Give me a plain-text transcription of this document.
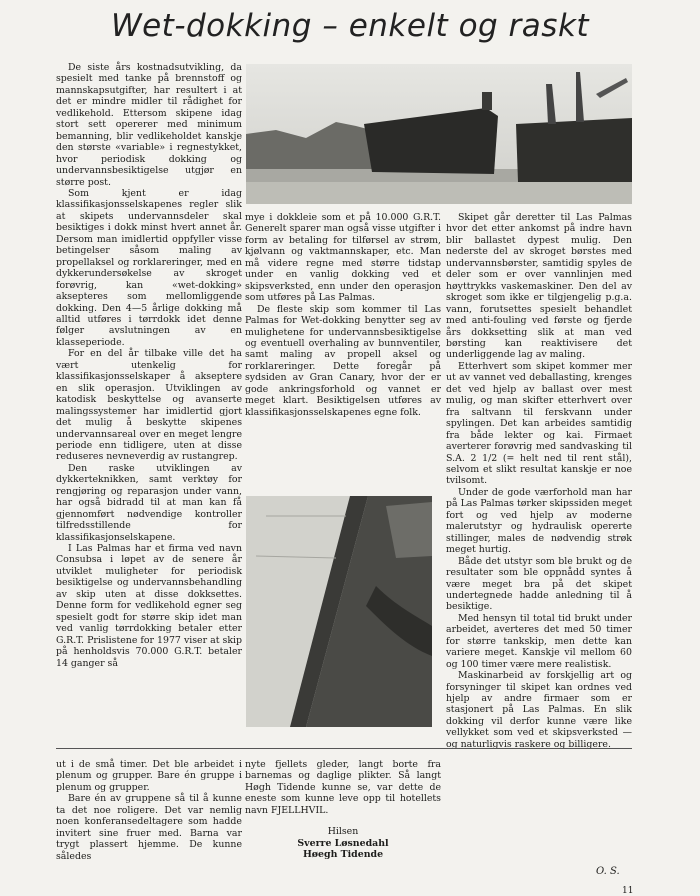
Wet-dokking – enkelt og raskt

De siste års kostnadsutvikling, da spesielt med tanke på brennstoff og mannskapsutgifter, har resultert i at det er mindre midler til rådighet for vedlikehold. Ettersom skipene idag stort sett opererer med minimum bemanning, blir vedlikeholdet kanskje den største «variable» i regnestykket, hvor periodisk dokking og undervannsbesiktigelse utgjør en større post.

Som kjent er idag klassifikasjonsselskapenes regler slik at skipets undervannsdeler skal besiktiges i dokk minst hvert annet år. Dersom man imidlertid oppfyller visse betingelser såsom maling av propellaksel og rorklareringer, med en dykkerundersøkelse av skroget forøvrig, kan «wet-dokking» aksepteres som mellomliggende dokking. Den 4—5 årlige dokking må alltid utføres i tørrdokk idet denne følger avslutningen av en klasseperiode.

For en del år tilbake ville det ha vært utenkelig for klassifikasjonsselskaper å akseptere en slik operasjon. Utviklingen av katodisk beskyttelse og avanserte malingssystemer har imidlertid gjort det mulig å beskytte skipenes undervannsareal over en meget lengre periode enn tidligere, uten at disse reduseres nevneverdig av rustangrep.

Den raske utviklingen av dykkerteknikken, samt verktøy for rengjøring og reparasjon under vann, har også bidradd til at man kan få gjennomført nødvendige kontroller tilfredsstillende for klassifikasjonselskapene.

I Las Palmas har et firma ved navn Consubsa i løpet av de senere år utviklet muligheter for periodisk besiktigelse og undervannsbehandling av skip uten at disse dokksettes. Denne form for vedlikehold egner seg spesielt godt for større skip idet man ved vanlig tørrdokking betaler etter G.R.T. Prislistene for 1977 viser at skip på henholdsvis 70.000 G.R.T. betaler 14 ganger så

mye i dokkleie som et på 10.000 G.R.T. Generelt sparer man også visse utgifter i form av betaling for tilførsel av strøm, kjølvann og vaktmannskaper, etc. Man må videre regne med større tidstap under en vanlig dokking ved et skipsverksted, enn under den operasjon som utføres på Las Palmas.

De fleste skip som kommer til Las Palmas for Wet-dokking benytter seg av mulighetene for undervannsbesiktigelse og eventuell overhaling av bunnventiler, samt maling av propell aksel og rorklareringer. Dette foregår på sydsiden av Gran Canary, hvor der er gode ankringsforhold og vannet er meget klart. Besiktigelsen utføres av klassifikasjonsselskapenes egne folk.

Skipet går deretter til Las Palmas hvor det etter ankomst på indre havn blir ballastet dypest mulig. Den nederste del av skroget børstes med undervannsbørster, samtidig spyles de deler som er over vannlinjen med høyttrykks vaskemaskiner. Den del av skroget som ikke er tilgjengelig p.g.a. vann, forutsettes spesielt behandlet med anti-fouling ved første og fjerde års dokksetting slik at man ved børsting kan reaktivisere det underliggende lag av maling.

Etterhvert som skipet kommer mer ut av vannet ved deballasting, krenges det ved hjelp av ballast over mest mulig, og man skifter etterhvert over fra saltvann til ferskvann under spylingen. Det kan arbeides samtidig fra både lekter og kai. Firmaet averterer forøvrig med sandvasking til S.A. 2 1/2 (= helt ned til rent stål), selvom et slikt resultat kanskje er noe tvilsomt.

Under de gode værforhold man har på Las Palmas tørker skipssiden meget fort og ved hjelp av moderne malerutstyr og hydraulisk opererte stillinger, males de nødvendig strøk meget hurtig.

Både det utstyr som ble brukt og de resultater som ble oppnådd syntes å være meget bra på det skipet undertegnede hadde anledning til å besiktige.

Med hensyn til total tid brukt under arbeidet, averteres det med 50 timer for større tankskip, men dette kan variere meget. Kanskje vil mellom 60 og 100 timer være mere realistisk.

Maskinarbeid av forskjellig art og forsyninger til skipet kan ordnes ved hjelp av andre firmaer som er stasjonert på Las Palmas. En slik dokking vil derfor kunne være like vellykket som ved et skipsverksted — og naturligvis raskere og billigere.

ut i de små timer. Det ble arbeidet i plenum og grupper. Bare én gruppe i plenum og grupper.

Bare én av gruppene så til å kunne ta det noe roligere. Det var nemlig noen konferansedeltagere som hadde invitert sine fruer med. Barna var trygt plassert hjemme. De kunne således

nyte fjellets gleder, langt borte fra barnemas og daglige plikter. Så langt Høgh Tidende kunne se, var dette de eneste som kunne leve opp til hotellets navn FJELLHVIL.

Hilsen

Sverre Løsnedahl

Høegh Tidende

O. S.
11
